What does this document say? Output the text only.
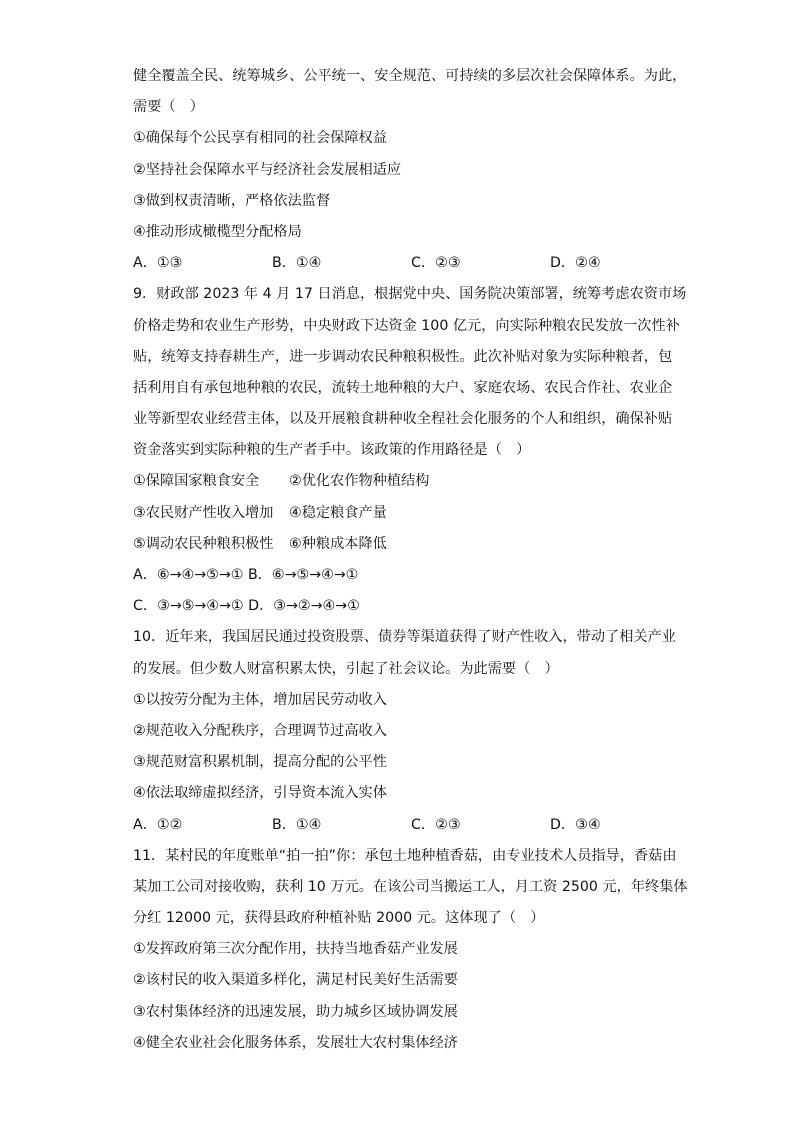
健全覆盖全民、统筹城乡、公平统一、安全规范、可持续的多层次社会保障体系。为此，
需要（　）
①确保每个公民享有相同的社会保障权益
②坚持社会保障水平与经济社会发展相适应
③做到权责清晰，严格依法监督
④推动形成橄榄型分配格局
A．①③	B．①④	C．②③	D．②④
9．财政部 2023 年 4 月 17 日消息，根据党中央、国务院决策部署，统筹考虑农资市场
价格走势和农业生产形势，中央财政下达资金 100 亿元，向实际种粮农民发放一次性补
贴，统筹支持春耕生产，进一步调动农民种粮积极性。此次补贴对象为实际种粮者，包
括利用自有承包地种粮的农民，流转土地种粮的大户、家庭农场、农民合作社、农业企
业等新型农业经营主体，以及开展粮食耕种收全程社会化服务的个人和组织，确保补贴
资金落实到实际种粮的生产者手中。该政策的作用路径是（　）
①保障国家粮食安全	②优化农作物种植结构
③农民财产性收入增加	④稳定粮食产量
⑤调动农民种粮积极性	⑥种粮成本降低
A．⑥→④→⑤→① B．⑥→⑤→④→①
C．③→⑤→④→① D．③→②→④→①
10．近年来，我国居民通过投资股票、债券等渠道获得了财产性收入，带动了相关产业
的发展。但少数人财富积累太快，引起了社会议论。为此需要（　）
①以按劳分配为主体，增加居民劳动收入
②规范收入分配秩序，合理调节过高收入
③规范财富积累机制，提高分配的公平性
④依法取缔虚拟经济，引导资本流入实体
A．①②	B．①④	C．②③	D．③④
11．某村民的年度账单“拍一拍”你：承包土地种植香菇，由专业技术人员指导，香菇由
某加工公司对接收购，获利 10 万元。在该公司当搬运工人，月工资 2500 元，年终集体
分红 12000 元，获得县政府种植补贴 2000 元。这体现了（　）
①发挥政府第三次分配作用，扶持当地香菇产业发展
②该村民的收入渠道多样化，满足村民美好生活需要
③农村集体经济的迅速发展，助力城乡区域协调发展
④健全农业社会化服务体系，发展壮大农村集体经济
